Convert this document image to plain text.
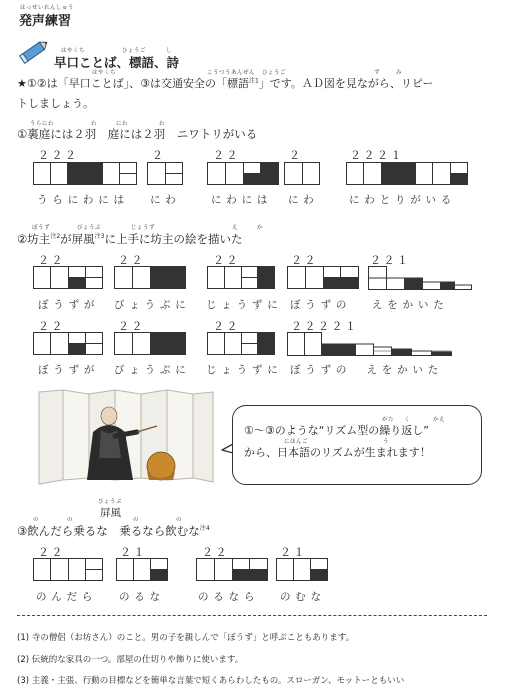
はっせいれんしゅう
発声練習
はやくち	ひょうご	し
早口ことば、標語、詩
はやくち	こうつうあんぜん ひょうご	ず	み
★①②は「早口ことば」、③は交通安全の「標語$^{注1}$」です。ＡＤ図を見ながら、リピー
トしましょう。
うらにわ	わ	にわ	わ
①裏庭には２羽　庭には２羽　ニワトリがいる
２２２
うらにわには
２
にわ
２２
にわには
２
にわ
２２２１
にわとりがいる
ぼうず	びょうぶ	じょうず	え	か
②坊主$^{注2}$が屏風$^{注3}$に上手に坊主の絵を描いた
２２
ぼうずが
２２
びょうぶに
２２
じょうずに
２２
ぼうずの
２２１
えをかいた
２２
ぼうずが
２２
びょうぶに
２２
じょうずに
２２２２１
ぼうずの　えをかいた
びょうぶ
屏風
がた く	かえ
①～③のような“リズム型の繰り返し”
にほんご	う
から、日本語のリズムが生まれます！
の	の	の	の
③飲んだら乗るな　乗るなら飲むな$^{注4}$
２２
のんだら
２１
のるな
２２
のるなら
２１
のむな
(1) 寺の僧侶（お坊さん）のこと。男の子を親しんで「ぼうず」と呼ぶこともあります。
(2) 伝統的な家具の一つ。部屋の仕切りや飾りに使います。
(3) 主義・主張、行動の目標などを簡単な言葉で短くあらわしたもの。スローガン、モットーともいい
